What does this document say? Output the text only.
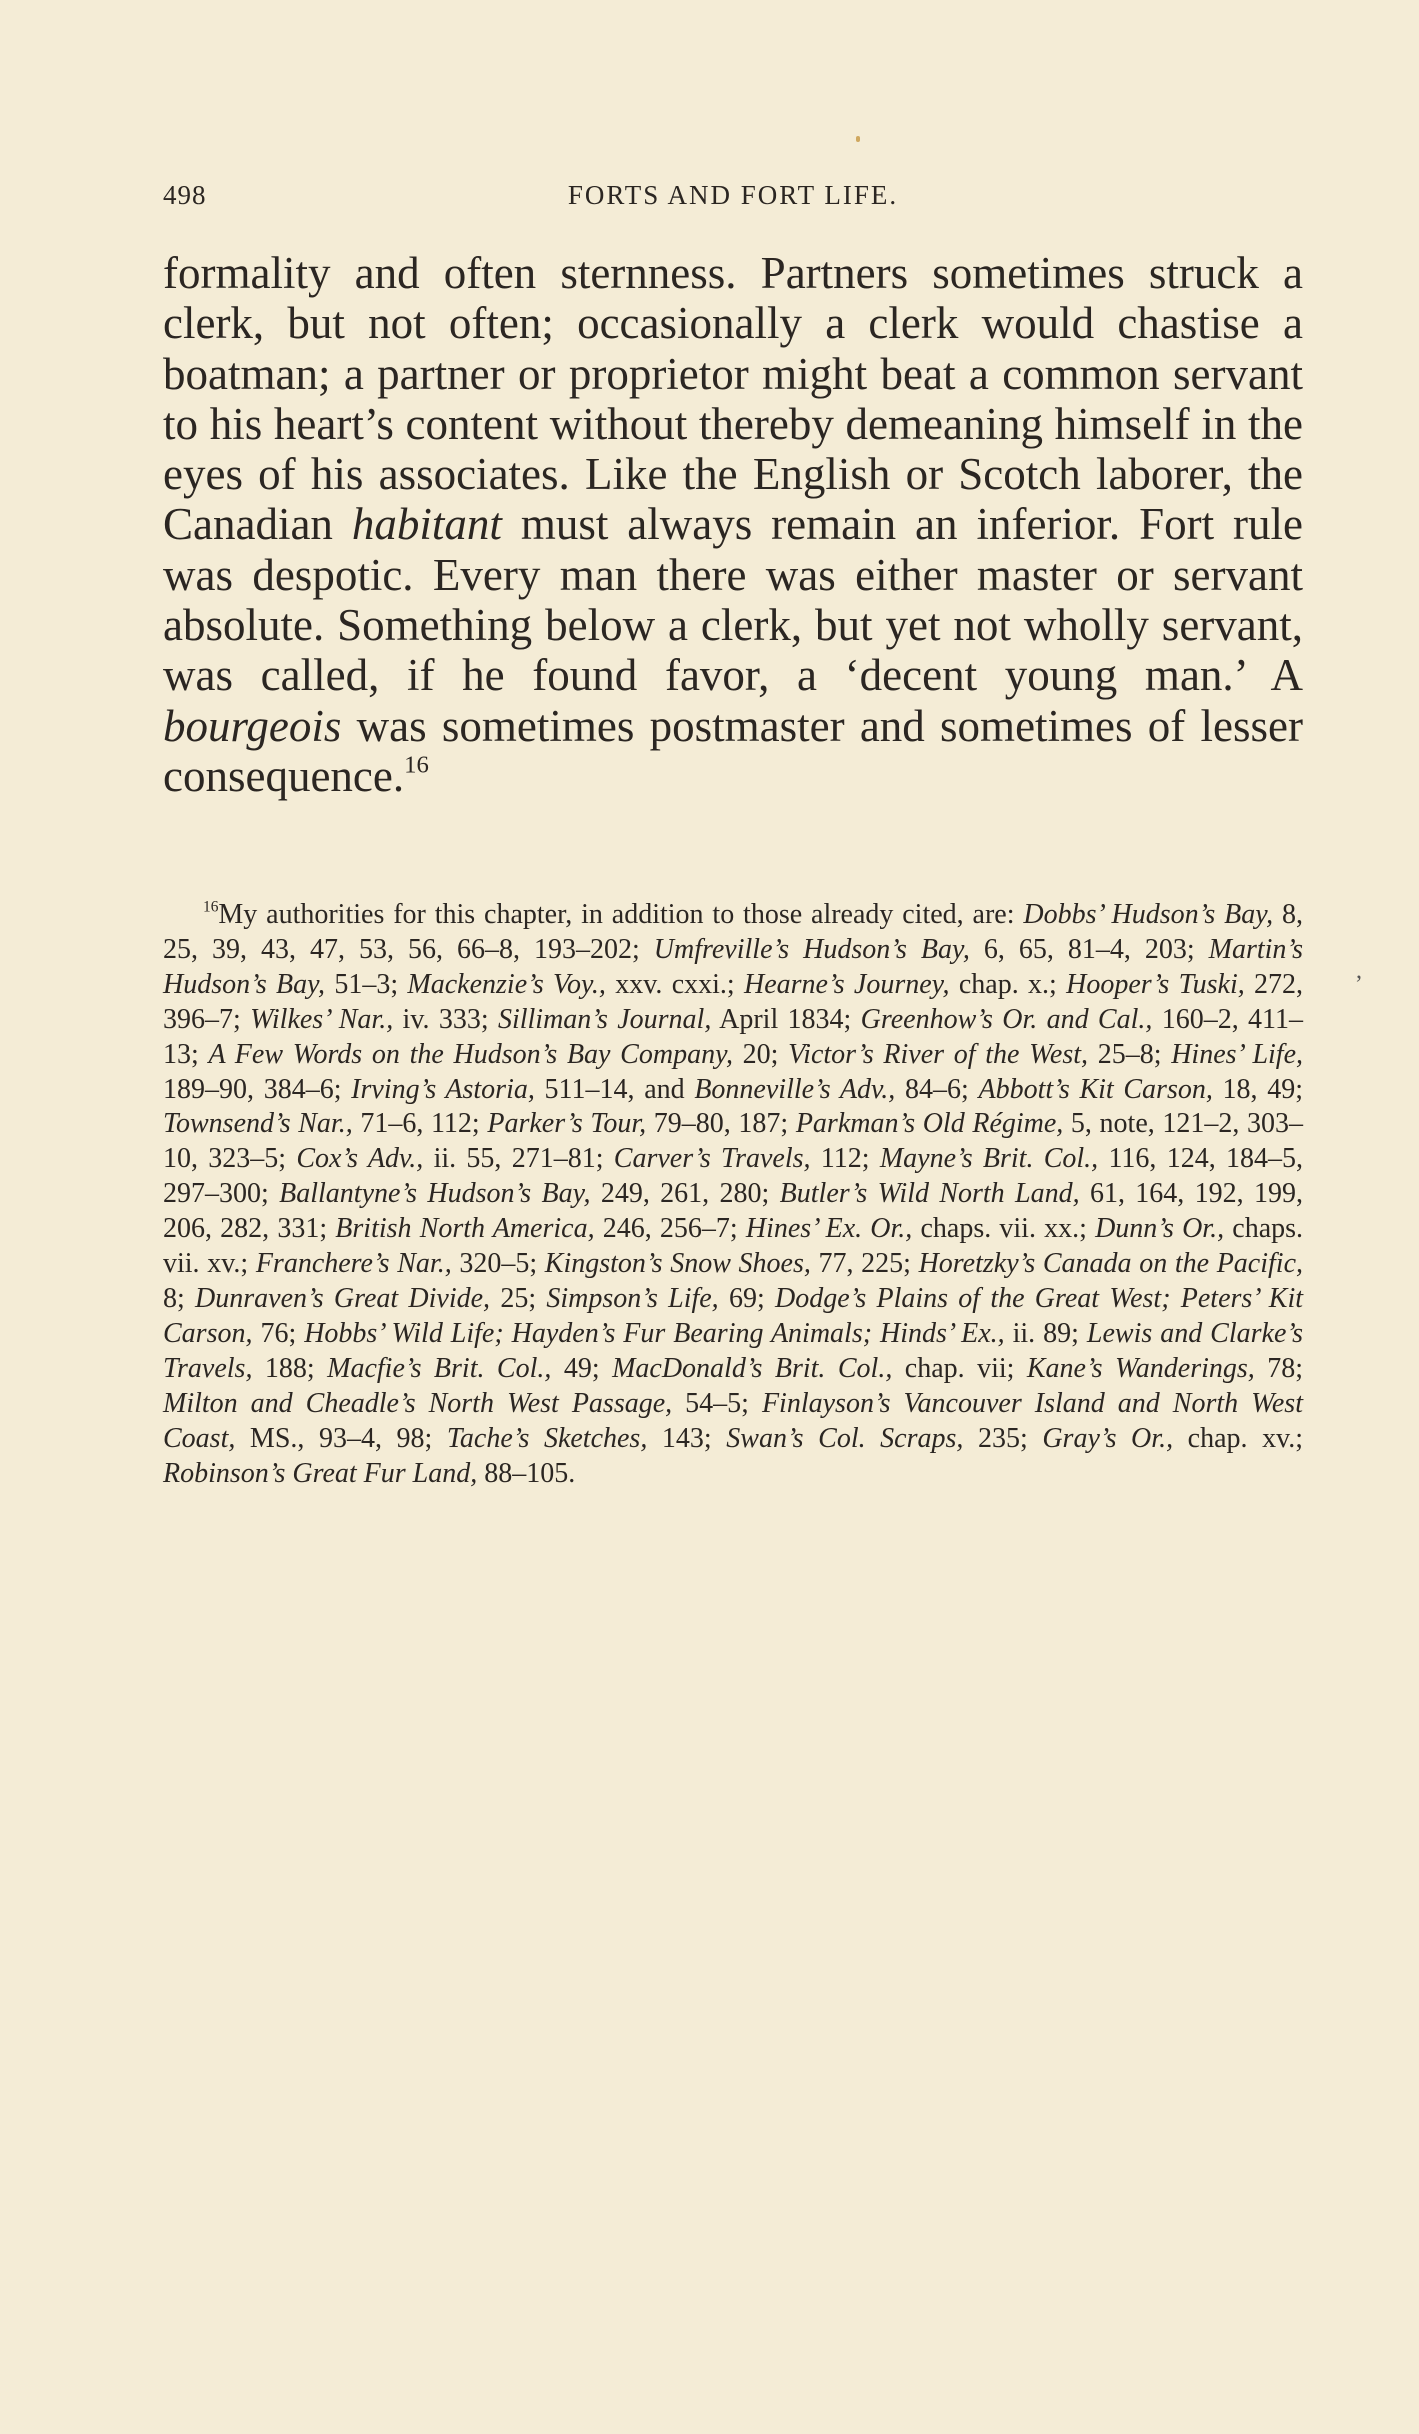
,
498	FORTS AND FORT LIFE.

formality and often sternness. Partners sometimes struck a clerk, but not often; occasionally a clerk would chastise a boatman; a partner or proprietor might beat a common servant to his heart’s content without thereby demeaning himself in the eyes of his associates. Like the English or Scotch laborer, the Canadian habitant must always remain an inferior. Fort rule was despotic. Every man there was either master or servant absolute. Something below a clerk, but yet not wholly servant, was called, if he found favor, a ‘decent young man.’ A bourgeois was sometimes postmaster and sometimes of lesser consequence.$^{16}$

$^{16}$My authorities for this chapter, in addition to those already cited, are: Dobbs’ Hudson’s Bay, 8, 25, 39, 43, 47, 53, 56, 66–8, 193–202; Umfreville’s Hudson’s Bay, 6, 65, 81–4, 203; Martin’s Hudson’s Bay, 51–3; Mackenzie’s Voy., xxv. cxxi.; Hearne’s Journey, chap. x.; Hooper’s Tuski, 272, 396–7; Wilkes’ Nar., iv. 333; Silliman’s Journal, April 1834; Greenhow’s Or. and Cal., 160–2, 411–13; A Few Words on the Hudson’s Bay Company, 20; Victor’s River of the West, 25–8; Hines’ Life, 189–90, 384–6; Irving’s Astoria, 511–14, and Bonneville’s Adv., 84–6; Abbott’s Kit Carson, 18, 49; Townsend’s Nar., 71–6, 112; Parker’s Tour, 79–80, 187; Parkman’s Old Régime, 5, note, 121–2, 303–10, 323–5; Cox’s Adv., ii. 55, 271–81; Carver’s Travels, 112; Mayne’s Brit. Col., 116, 124, 184–5, 297–300; Ballantyne’s Hudson’s Bay, 249, 261, 280; Butler’s Wild North Land, 61, 164, 192, 199, 206, 282, 331; British North America, 246, 256–7; Hines’ Ex. Or., chaps. vii. xx.; Dunn’s Or., chaps. vii. xv.; Franchere’s Nar., 320–5; Kingston’s Snow Shoes, 77, 225; Horetzky’s Canada on the Pacific, 8; Dunraven’s Great Divide, 25; Simpson’s Life, 69; Dodge’s Plains of the Great West; Peters’ Kit Carson, 76; Hobbs’ Wild Life; Hayden’s Fur Bearing Animals; Hinds’ Ex., ii. 89; Lewis and Clarke’s Travels, 188; Macfie’s Brit. Col., 49; MacDonald’s Brit. Col., chap. vii; Kane’s Wanderings, 78; Milton and Cheadle’s North West Passage, 54–5; Finlayson’s Vancouver Island and North West Coast, MS., 93–4, 98; Tache’s Sketches, 143; Swan’s Col. Scraps, 235; Gray’s Or., chap. xv.; Robinson’s Great Fur Land, 88–105.
